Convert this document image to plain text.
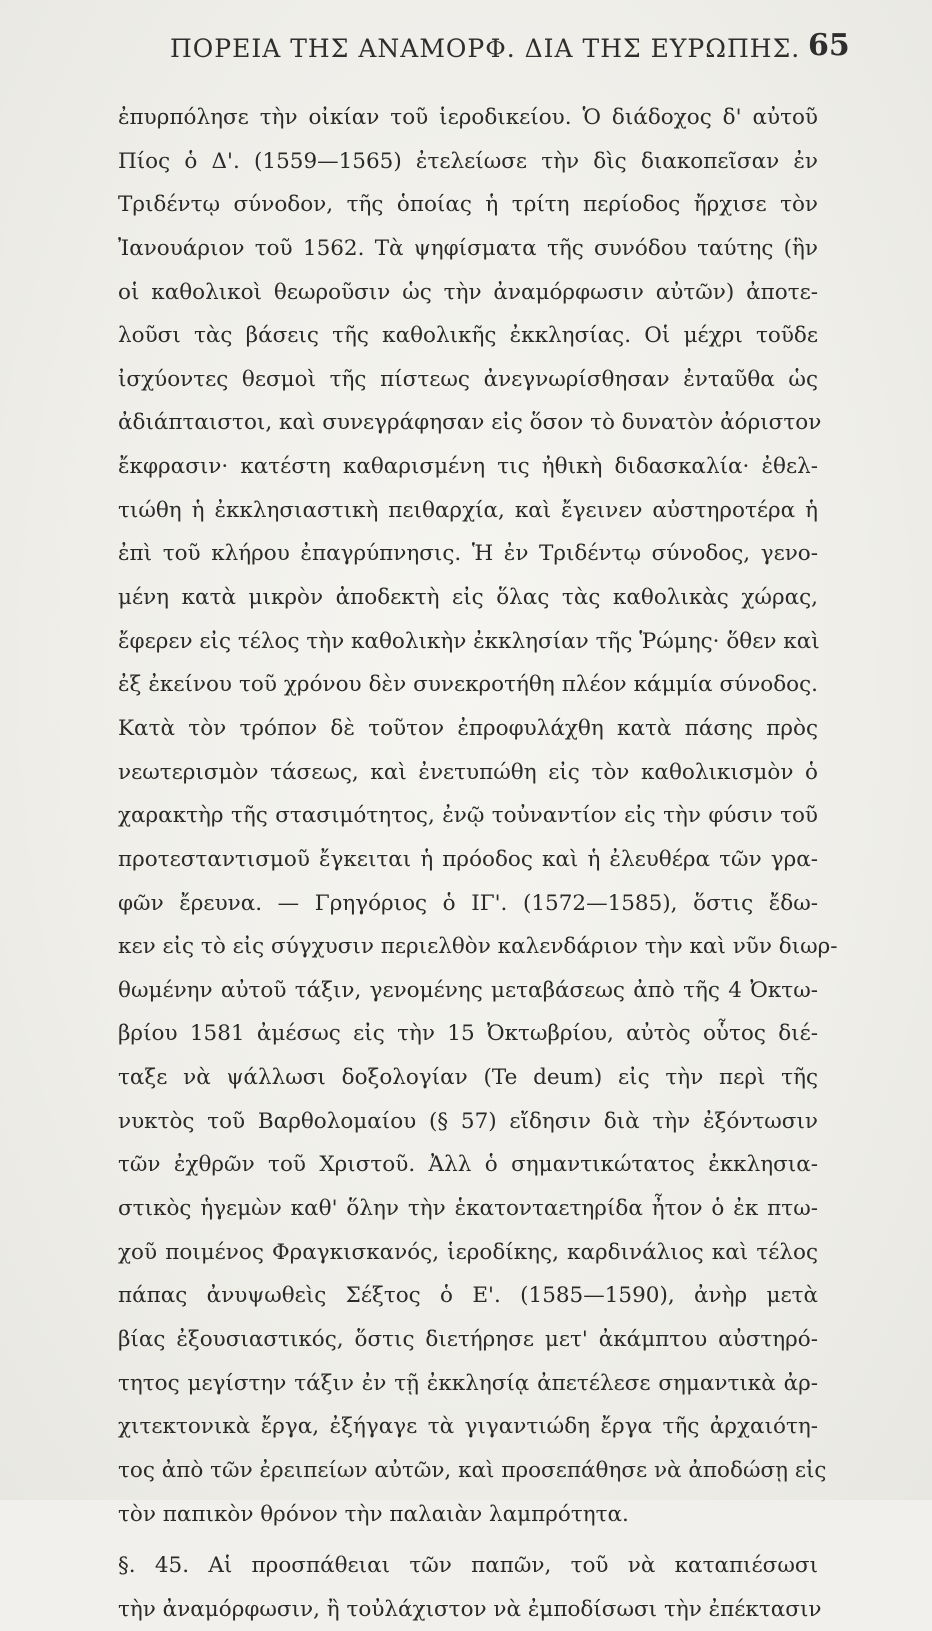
ΠΟΡΕΙΑ ΤΗΣ ΑΝΑΜΟΡΦ. ΔΙΑ ΤΗΣ ΕΥΡΩΠΗΣ. 65
ἐπυρπόλησε τὴν οἰκίαν τοῦ ἱεροδικείου. Ὁ διάδοχος δ' αὐτοῦ
Πίος ὁ Δ'. (1559—1565) ἐτελείωσε τὴν δὶς διακοπεῖσαν ἐν
Τριδέντῳ σύνοδον, τῆς ὁποίας ἡ τρίτη περίοδος ἤρχισε τὸν
Ἰανουάριον τοῦ 1562. Τὰ ψηφίσματα τῆς συνόδου ταύτης (ἣν
οἱ καθολικοὶ θεωροῦσιν ὡς τὴν ἀναμόρφωσιν αὐτῶν) ἀποτε-
λοῦσι τὰς βάσεις τῆς καθολικῆς ἐκκλησίας. Οἱ μέχρι τοῦδε
ἰσχύοντες θεσμοὶ τῆς πίστεως ἀνεγνωρίσθησαν ἐνταῦθα ὡς
ἀδιάπταιστοι, καὶ συνεγράφησαν εἰς ὅσον τὸ δυνατὸν ἀόριστον
ἔκφρασιν· κατέστη καθαρισμένη τις ἠθικὴ διδασκαλία· ἐθελ-
τιώθη ἡ ἐκκλησιαστικὴ πειθαρχία, καὶ ἔγεινεν αὐστηροτέρα ἡ
ἐπὶ τοῦ κλήρου ἐπαγρύπνησις. Ἡ ἐν Τριδέντῳ σύνοδος, γενο-
μένη κατὰ μικρὸν ἀποδεκτὴ εἰς ὅλας τὰς καθολικὰς χώρας,
ἔφερεν εἰς τέλος τὴν καθολικὴν ἐκκλησίαν τῆς Ῥώμης· ὅθεν καὶ
ἐξ ἐκείνου τοῦ χρόνου δὲν συνεκροτήθη πλέον κάμμία σύνοδος.
Κατὰ τὸν τρόπον δὲ τοῦτον ἐπροφυλάχθη κατὰ πάσης πρὸς
νεωτερισμὸν τάσεως, καὶ ἐνετυπώθη εἰς τὸν καθολικισμὸν ὁ
χαρακτὴρ τῆς στασιμότητος, ἐνῷ τοὐναντίον εἰς τὴν φύσιν τοῦ
προτεσταντισμοῦ ἔγκειται ἡ πρόοδος καὶ ἡ ἐλευθέρα τῶν γρα-
φῶν ἔρευνα. — Γρηγόριος ὁ ΙΓ'. (1572—1585), ὅστις ἔδω-
κεν εἰς τὸ εἰς σύγχυσιν περιελθὸν καλενδάριον τὴν καὶ νῦν διωρ-
θωμένην αὐτοῦ τάξιν, γενομένης μεταβάσεως ἀπὸ τῆς 4 Ὀκτω-
βρίου 1581 ἀμέσως εἰς τὴν 15 Ὀκτωβρίου, αὐτὸς οὗτος διέ-
ταξε νὰ ψάλλωσι δοξολογίαν (Te deum) εἰς τὴν περὶ τῆς
νυκτὸς τοῦ Βαρθολομαίου (§ 57) εἴδησιν διὰ τὴν ἐξόντωσιν
τῶν ἐχθρῶν τοῦ Χριστοῦ. Ἀλλ ὁ σημαντικώτατος ἐκκλησια-
στικὸς ἡγεμὼν καθ' ὅλην τὴν ἑκατονταετηρίδα ἦτον ὁ ἐκ πτω-
χοῦ ποιμένος Φραγκισκανός, ἱεροδίκης, καρδινάλιος καὶ τέλος
πάπας ἀνυψωθεὶς Σέξτος ὁ Ε'. (1585—1590), ἀνὴρ μετὰ
βίας ἐξουσιαστικός, ὅστις διετήρησε μετ' ἀκάμπτου αὐστηρό-
τητος μεγίστην τάξιν ἐν τῇ ἐκκλησίᾳ ἀπετέλεσε σημαντικὰ ἀρ-
χιτεκτονικὰ ἔργα, ἐξήγαγε τὰ γιγαντιώδη ἔργα τῆς ἀρχαιότη-
τος ἀπὸ τῶν ἐρειπείων αὐτῶν, καὶ προσεπάθησε νὰ ἀποδώσῃ εἰς
τὸν παπικὸν θρόνον τὴν παλαιὰν λαμπρότητα.
§. 45. Αἱ προσπάθειαι τῶν παπῶν, τοῦ νὰ καταπιέσωσι
τὴν ἀναμόρφωσιν, ἢ τοὐλάχιστον νὰ ἐμποδίσωσι τὴν ἐπέκτασιν
